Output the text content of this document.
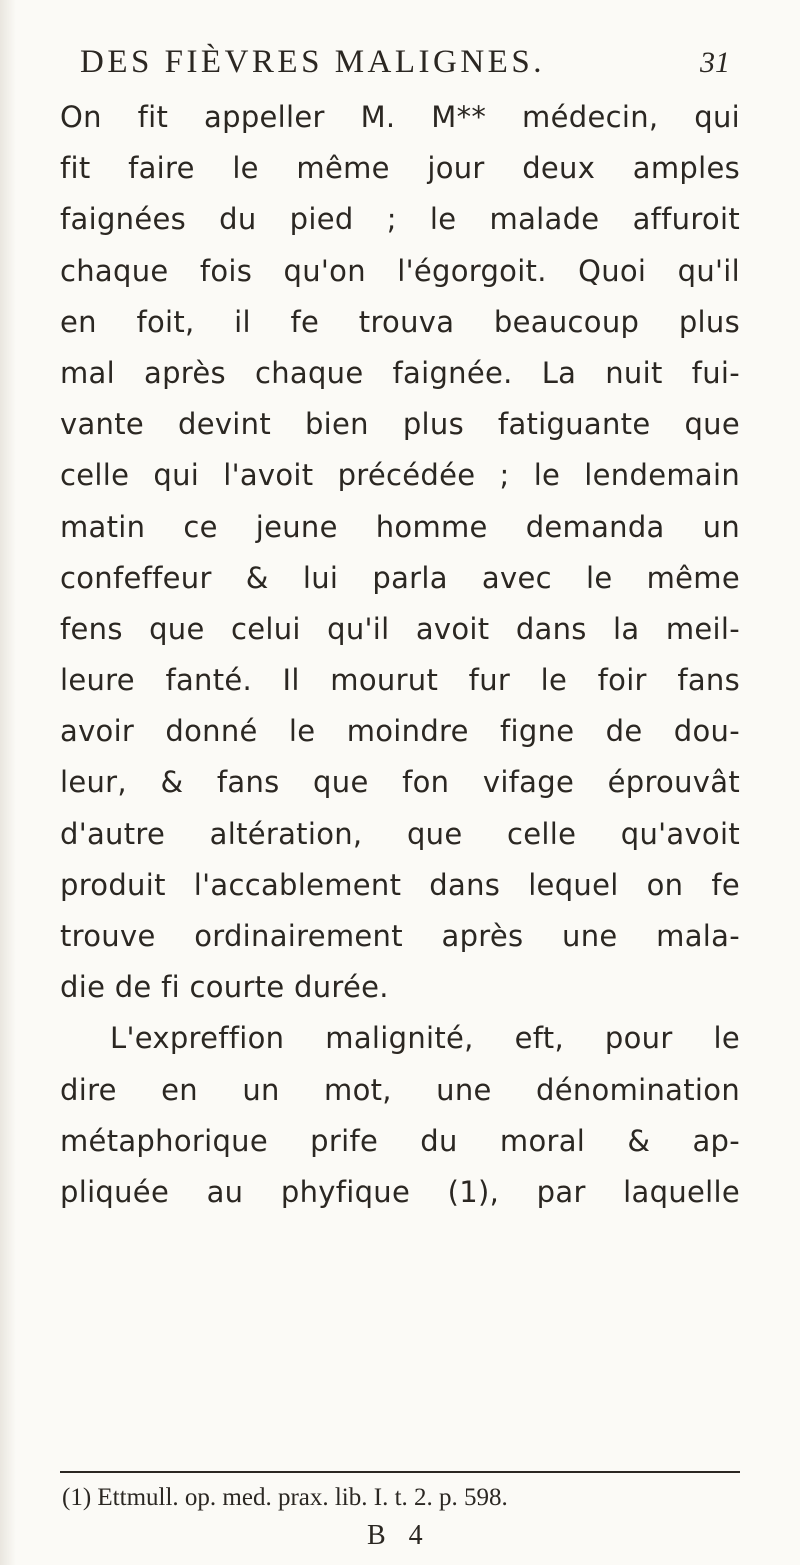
DES FIÈVRES MALIGNES.	31
On fit appeller M. M** médecin, qui
fit faire le même jour deux amples
faignées du pied ; le malade affuroit
chaque fois qu'on l'égorgoit. Quoi qu'il
en foit, il fe trouva beaucoup plus
mal après chaque faignée. La nuit fui-
vante devint bien plus fatiguante que
celle qui l'avoit précédée ; le lendemain
matin ce jeune homme demanda un
confeffeur & lui parla avec le même
fens que celui qu'il avoit dans la meil-
leure fanté. Il mourut fur le foir fans
avoir donné le moindre figne de dou-
leur, & fans que fon vifage éprouvât
d'autre altération, que celle qu'avoit
produit l'accablement dans lequel on fe
trouve ordinairement après une mala-
die de fi courte durée.
L'expreffion malignité, eft, pour le
dire en un mot, une dénomination
métaphorique prife du moral & ap-
pliquée au phyfique (1), par laquelle
(1) Ettmull. op. med. prax. lib. I. t. 2. p. 598.
B 4
